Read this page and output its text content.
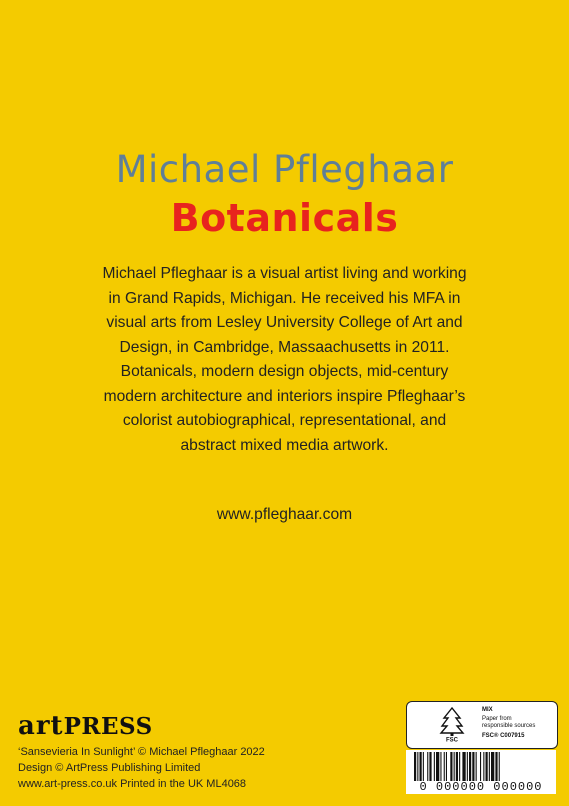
Michael Pfleghaar
Botanicals
Michael Pfleghaar is a visual artist living and working in Grand Rapids, Michigan. He received his MFA in visual arts from Lesley University College of Art and Design, in Cambridge, Massaachusetts in 2011. Botanicals, modern design objects, mid-century modern architecture and interiors inspire Pfleghaar’s colorist autobiographical, representational, and abstract mixed media artwork.
www.pfleghaar.com
artPRESS
‘Sansevieria In Sunlight’ © Michael Pfleghaar 2022
Design © ArtPress Publishing Limited
www.art-press.co.uk Printed in the UK ML4068
FSC
MIX
Paper from
responsible sources
FSC® C007915
0 000000 000000
